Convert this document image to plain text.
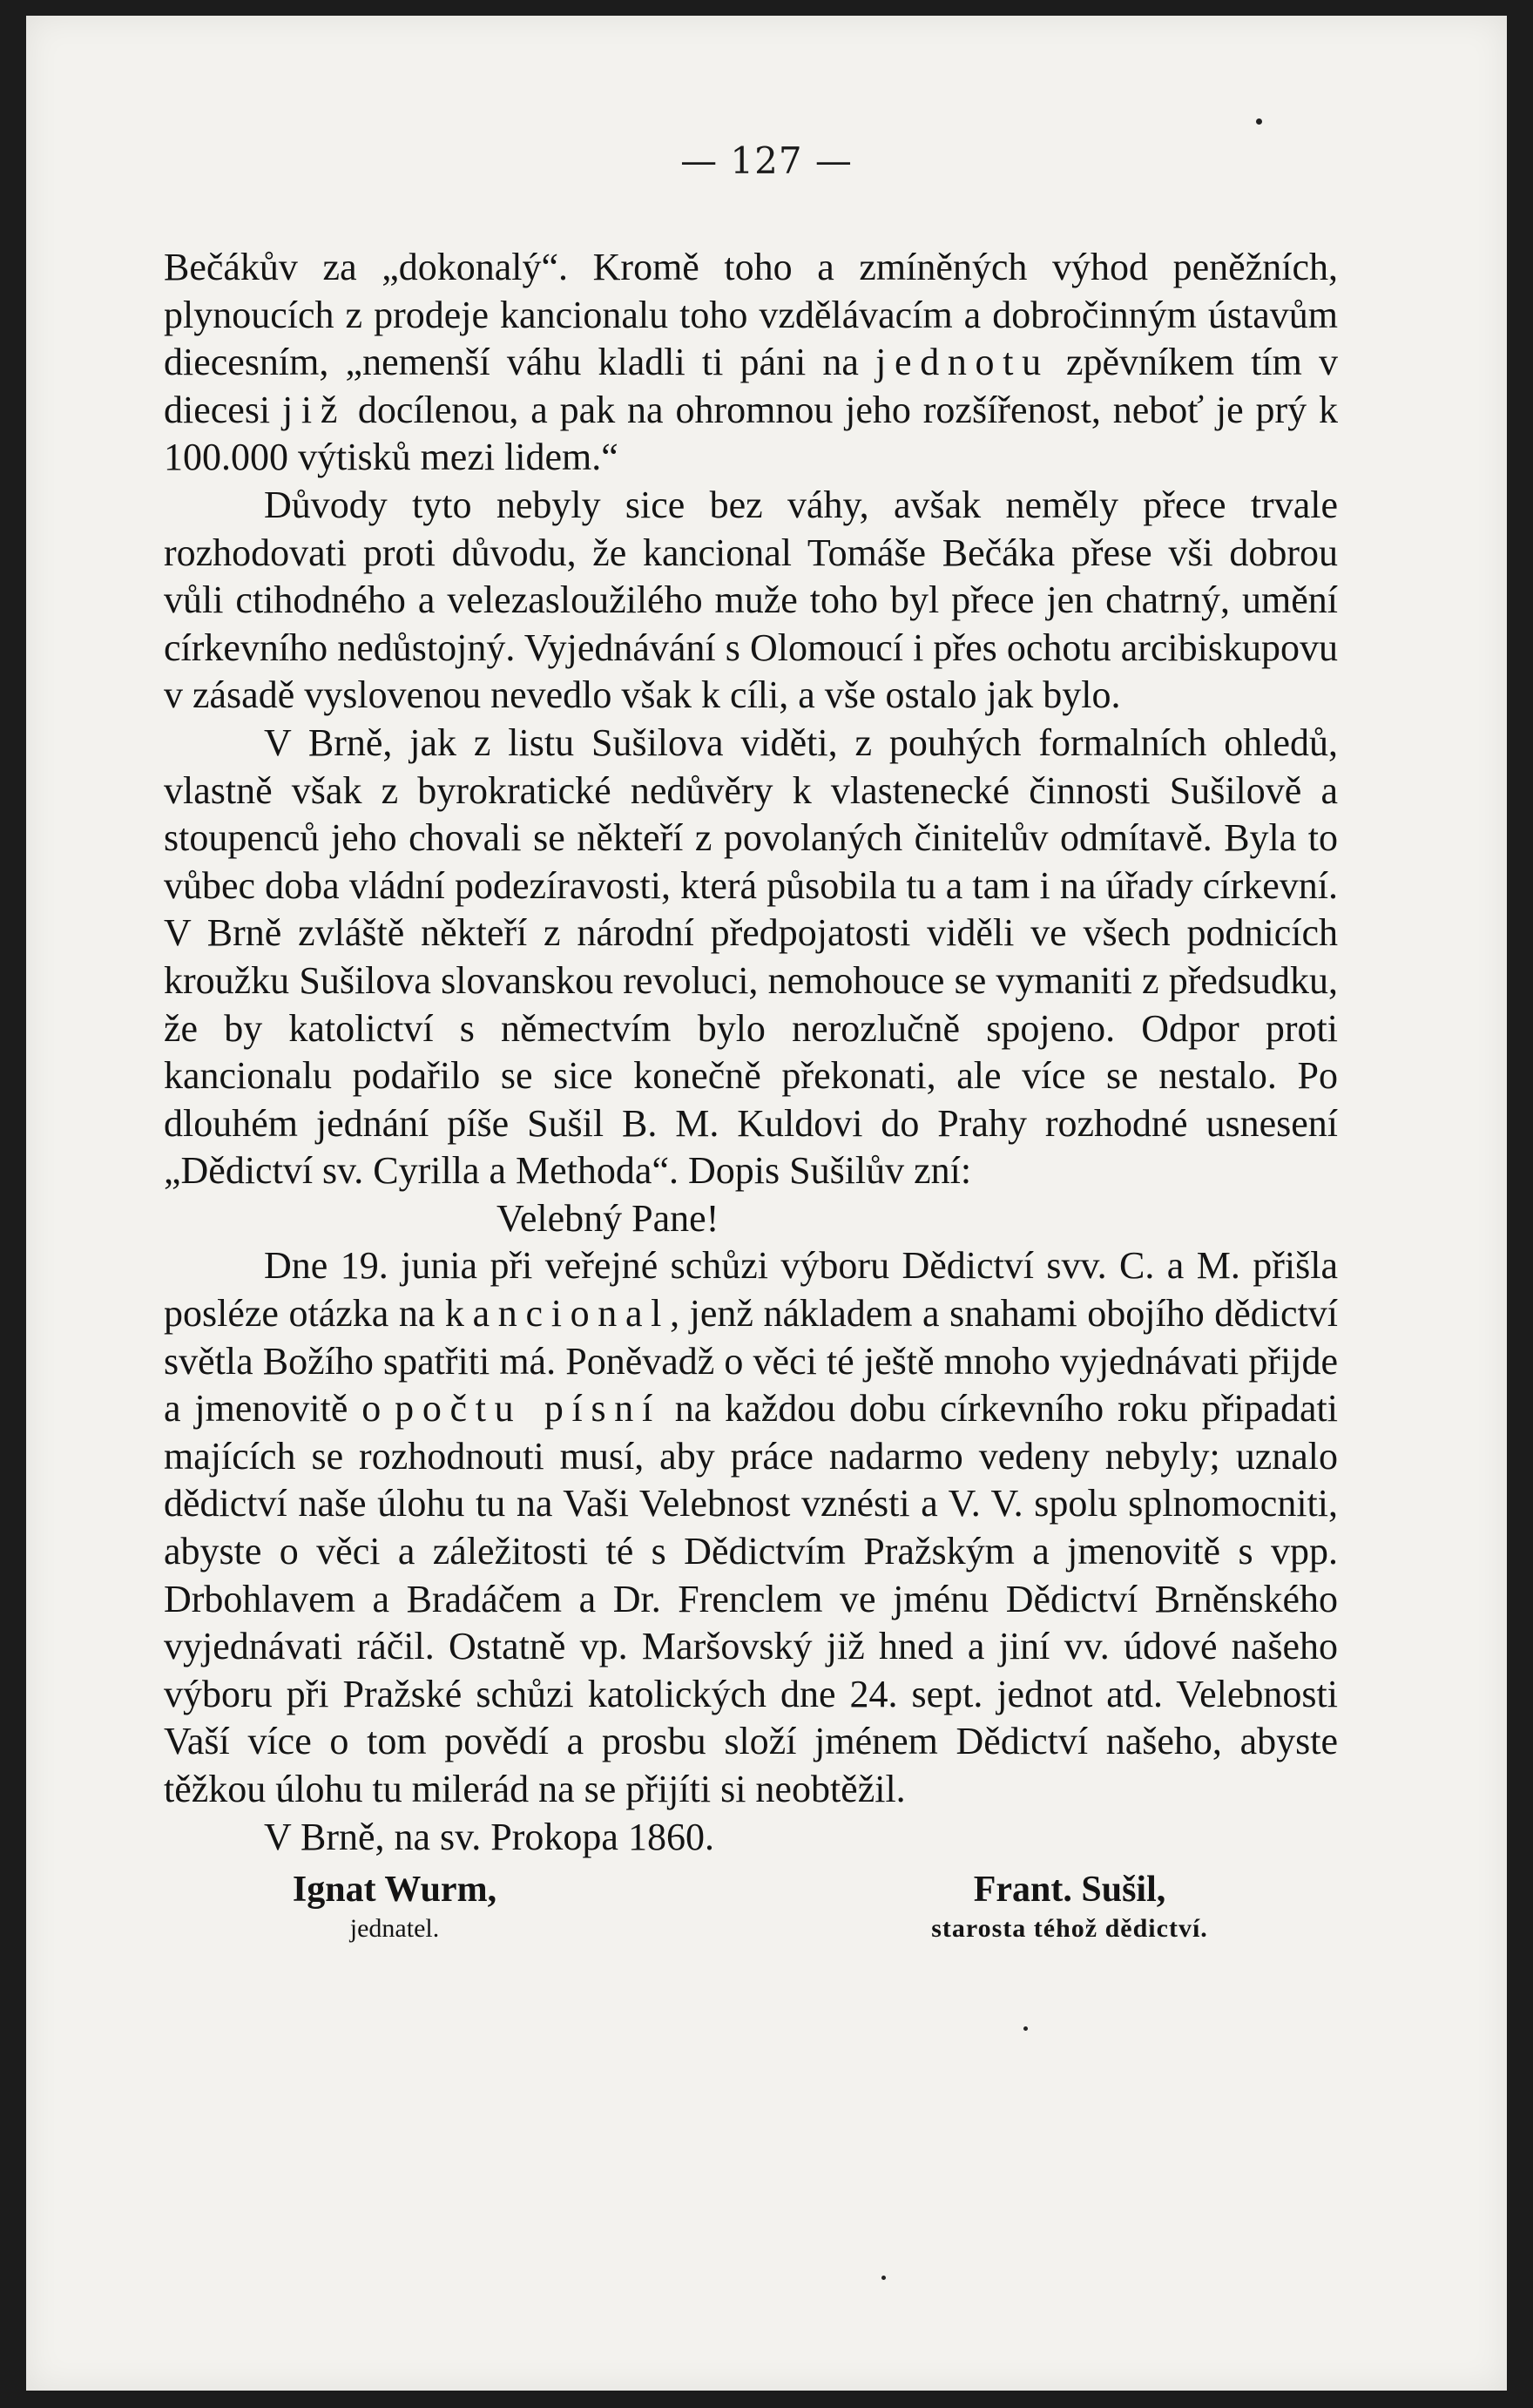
— 127 —

Bečákův za „dokonalý“. Kromě toho a zmíněných výhod peněžních, plynoucích z prodeje kancionalu toho vzdělávacím a dobročinným ústavům diecesním, „nemenší váhu kladli ti páni na jednotu zpěvníkem tím v diecesi již docílenou, a pak na ohromnou jeho rozšířenost, neboť je prý k 100.000 výtisků mezi lidem.“

Důvody tyto nebyly sice bez váhy, avšak neměly přece trvale rozhodovati proti důvodu, že kancional Tomáše Bečáka přese vši dobrou vůli ctihodného a velezasloužilého muže toho byl přece jen chatrný, umění církevního nedůstojný. Vyjednávání s Olomoucí i přes ochotu arcibiskupovu v zásadě vyslovenou nevedlo však k cíli, a vše ostalo jak bylo.

V Brně, jak z listu Sušilova viděti, z pouhých formalních ohledů, vlastně však z byrokratické nedůvěry k vlastenecké činnosti Sušilově a stoupenců jeho chovali se někteří z povolaných činitelův odmítavě. Byla to vůbec doba vládní podezíravosti, která působila tu a tam i na úřady církevní. V Brně zvláště někteří z národní předpojatosti viděli ve všech podnicích kroužku Sušilova slovanskou revoluci, nemohouce se vymaniti z předsudku, že by katolictví s němectvím bylo nerozlučně spojeno. Odpor proti kancionalu podařilo se sice konečně překonati, ale více se nestalo. Po dlouhém jednání píše Sušil B. M. Kuldovi do Prahy rozhodné usnesení „Dědictví sv. Cyrilla a Methoda“. Dopis Sušilův zní:

Velebný Pane!

Dne 19. junia při veřejné schůzi výboru Dědictví svv. C. a M. přišla posléze otázka na kancional, jenž nákladem a snahami obojího dědictví světla Božího spatřiti má. Poněvadž o věci té ještě mnoho vyjednávati přijde a jmenovitě o počtu písní na každou dobu církevního roku připadati majících se rozhodnouti musí, aby práce nadarmo vedeny nebyly; uznalo dědictví naše úlohu tu na Vaši Velebnost vznésti a V. V. spolu splnomocniti, abyste o věci a záležitosti té s Dědictvím Pražským a jmenovitě s vpp. Drbohlavem a Bradáčem a Dr. Frenclem ve jménu Dědictví Brněnského vyjednávati ráčil. Ostatně vp. Maršovský již hned a jiní vv. údové našeho výboru při Pražské schůzi katolických dne 24. sept. jednot atd. Velebnosti Vaší více o tom povědí a prosbu složí jménem Dědictví našeho, abyste těžkou úlohu tu milerád na se přijíti si neobtěžil.

V Brně, na sv. Prokopa 1860.

Ignat Wurm,
jednatel.
Frant. Sušil,
starosta téhož dědictví.
